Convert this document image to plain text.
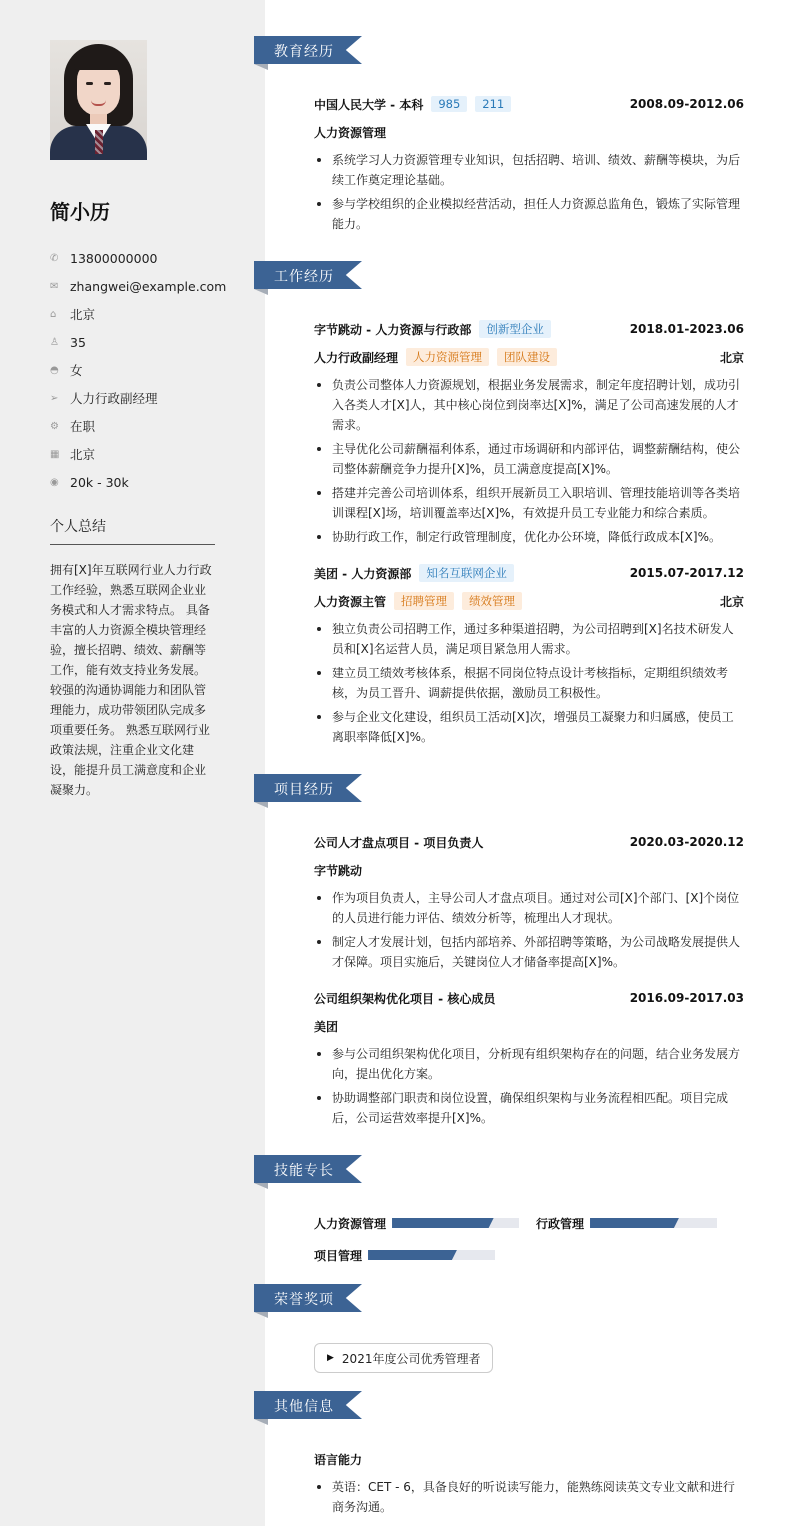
简小历
✆ 13800000000
✉ zhangwei@example.com
⌂	北京
♙ 35
◓ 女
➢ 人力行政副经理
⚙ 在职
▦ 北京
◉ 20k - 30k
个人总结
拥有[X]年互联网行业人力行政工作经验，熟悉互联网企业业务模式和人才需求特点。 具备丰富的人力资源全模块管理经验，擅长招聘、绩效、薪酬等工作，能有效支持业务发展。 较强的沟通协调能力和团队管理能力，成功带领团队完成多项重要任务。 熟悉互联网行业政策法规，注重企业文化建设，能提升员工满意度和企业凝聚力。
教育经历
中国人民大学 - 本科	985	211	2008.09-2012.06
人力资源管理
系统学习人力资源管理专业知识，包括招聘、培训、绩效、薪酬等模块，为后续工作奠定理论基础。
参与学校组织的企业模拟经营活动，担任人力资源总监角色，锻炼了实际管理能力。
工作经历
字节跳动 - 人力资源与行政部	创新型企业	2018.01-2023.06
人力行政副经理	人力资源管理	团队建设	北京
负责公司整体人力资源规划，根据业务发展需求，制定年度招聘计划，成功引入各类人才[X]人，其中核心岗位到岗率达[X]%，满足了公司高速发展的人才需求。
主导优化公司薪酬福利体系，通过市场调研和内部评估，调整薪酬结构，使公司整体薪酬竞争力提升[X]%，员工满意度提高[X]%。
搭建并完善公司培训体系，组织开展新员工入职培训、管理技能培训等各类培训课程[X]场，培训覆盖率达[X]%，有效提升员工专业能力和综合素质。
协助行政工作，制定行政管理制度，优化办公环境，降低行政成本[X]%。
美团 - 人力资源部	知名互联网企业	2015.07-2017.12
人力资源主管	招聘管理	绩效管理	北京
独立负责公司招聘工作，通过多种渠道招聘，为公司招聘到[X]名技术研发人员和[X]名运营人员，满足项目紧急用人需求。
建立员工绩效考核体系，根据不同岗位特点设计考核指标，定期组织绩效考核，为员工晋升、调薪提供依据，激励员工积极性。
参与企业文化建设，组织员工活动[X]次，增强员工凝聚力和归属感，使员工离职率降低[X]%。
项目经历
公司人才盘点项目 - 项目负责人	2020.03-2020.12
字节跳动
作为项目负责人，主导公司人才盘点项目。通过对公司[X]个部门、[X]个岗位的人员进行能力评估、绩效分析等，梳理出人才现状。
制定人才发展计划，包括内部培养、外部招聘等策略，为公司战略发展提供人才保障。项目实施后，关键岗位人才储备率提高[X]%。
公司组织架构优化项目 - 核心成员	2016.09-2017.03
美团
参与公司组织架构优化项目，分析现有组织架构存在的问题，结合业务发展方向，提出优化方案。
协助调整部门职责和岗位设置，确保组织架构与业务流程相匹配。项目完成后，公司运营效率提升[X]%。
技能专长
人力资源管理	行政管理
项目管理
荣誉奖项
▶ 2021年度公司优秀管理者
其他信息
语言能力
英语：CET - 6，具备良好的听说读写能力，能熟练阅读英文专业文献和进行商务沟通。
